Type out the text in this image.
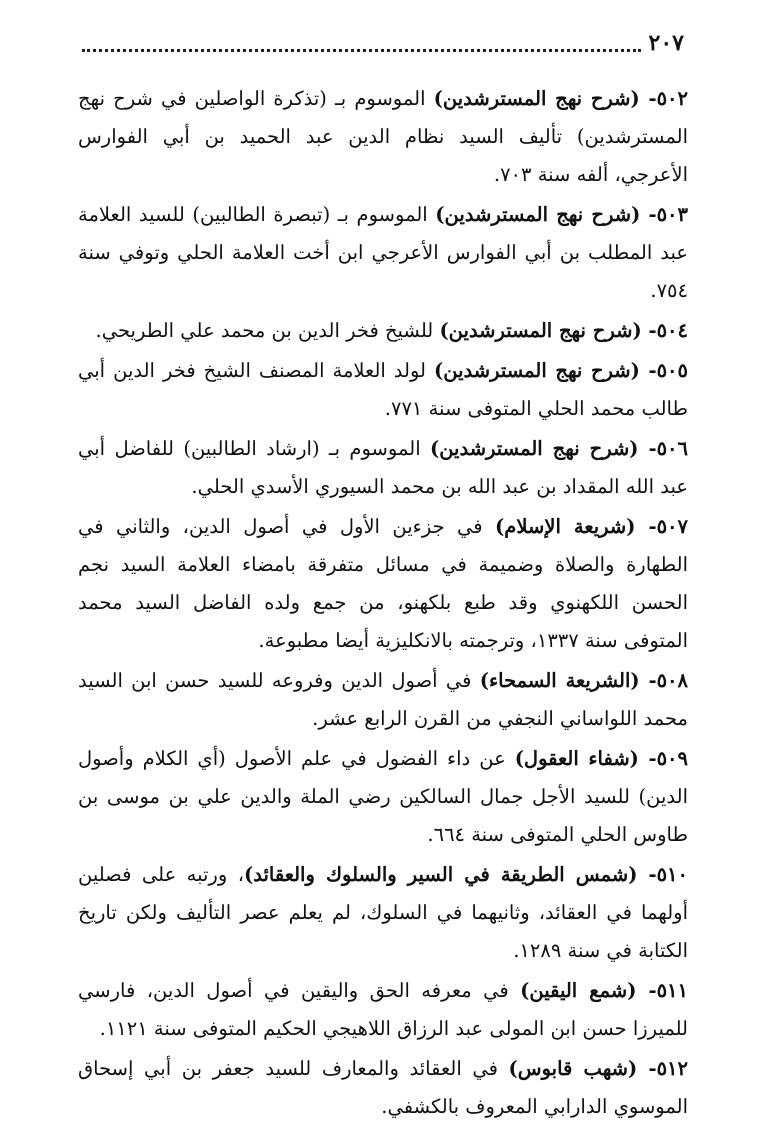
٢٠٧

٥٠٢- (شرح نهج المسترشدين) الموسوم بـ (تذكرة الواصلين في شرح نهج المسترشدين) تأليف السيد نظام الدين عبد الحميد بن أبي الفوارس الأعرجي، ألفه سنة ٧٠٣.

٥٠٣- (شرح نهج المسترشدين) الموسوم بـ (تبصرة الطالبين) للسيد العلامة عبد المطلب بن أبي الفوارس الأعرجي ابن أخت العلامة الحلي وتوفي سنة ٧٥٤.

٥٠٤- (شرح نهج المسترشدين) للشيخ فخر الدين بن محمد علي الطريحي.

٥٠٥- (شرح نهج المسترشدين) لولد العلامة المصنف الشيخ فخر الدين أبي طالب محمد الحلي المتوفى سنة ٧٧١.

٥٠٦- (شرح نهج المسترشدين) الموسوم بـ (ارشاد الطالبين) للفاضل أبي عبد الله المقداد بن عبد الله بن محمد السيوري الأسدي الحلي.

٥٠٧- (شريعة الإسلام) في جزءين الأول في أصول الدين، والثاني في الطهارة والصلاة وضميمة في مسائل متفرقة بامضاء العلامة السيد نجم الحسن اللكهنوي وقد طبع بلكهنو، من جمع ولده الفاضل السيد محمد المتوفى سنة ١٣٣٧، وترجمته بالانكليزية أيضا مطبوعة.

٥٠٨- (الشريعة السمحاء) في أصول الدين وفروعه للسيد حسن ابن السيد محمد اللواساني النجفي من القرن الرابع عشر.

٥٠٩- (شفاء العقول) عن داء الفضول في علم الأصول (أي الكلام وأصول الدين) للسيد الأجل جمال السالكين رضي الملة والدين علي بن موسى بن طاوس الحلي المتوفى سنة ٦٦٤.

٥١٠- (شمس الطريقة في السير والسلوك والعقائد)، ورتبه على فصلين أولهما في العقائد، وثانيهما في السلوك، لم يعلم عصر التأليف ولكن تاريخ الكتابة في سنة ١٢٨٩.

٥١١- (شمع اليقين) في معرفه الحق واليقين في أصول الدين، فارسي للميرزا حسن ابن المولى عبد الرزاق اللاهيجي الحكيم المتوفى سنة ١١٢١.

٥١٢- (شهب قابوس) في العقائد والمعارف للسيد جعفر بن أبي إسحاق الموسوي الدارابي المعروف بالكشفي.
